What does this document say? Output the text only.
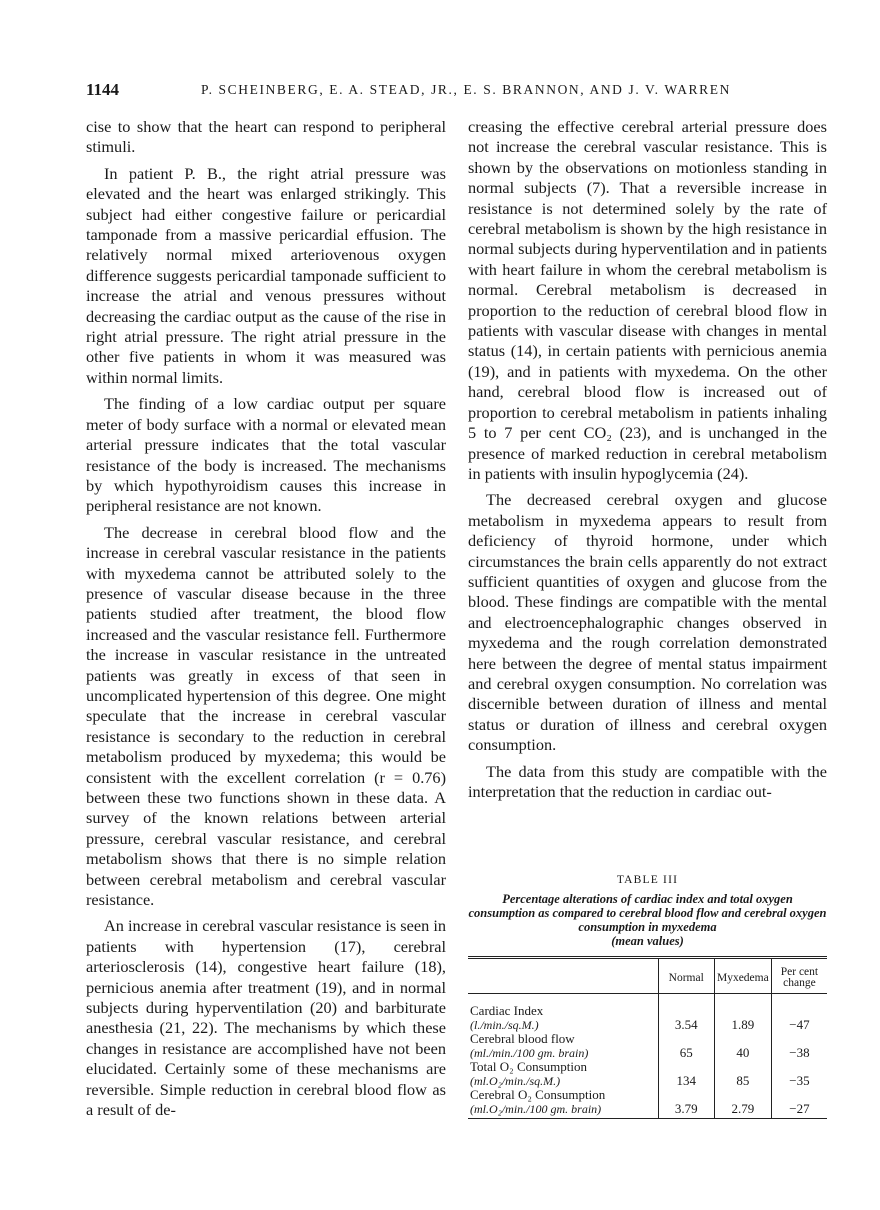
1144	P. SCHEINBERG, E. A. STEAD, JR., E. S. BRANNON, AND J. V. WARREN

cise to show that the heart can respond to peripheral stimuli.

In patient P. B., the right atrial pressure was elevated and the heart was enlarged strikingly. This subject had either congestive failure or pericardial tamponade from a massive pericardial effusion. The relatively normal mixed arteriovenous oxygen difference suggests pericardial tamponade sufficient to increase the atrial and venous pressures without decreasing the cardiac output as the cause of the rise in right atrial pressure. The right atrial pressure in the other five patients in whom it was measured was within normal limits.

The finding of a low cardiac output per square meter of body surface with a normal or elevated mean arterial pressure indicates that the total vascular resistance of the body is increased. The mechanisms by which hypothyroidism causes this increase in peripheral resistance are not known.

The decrease in cerebral blood flow and the increase in cerebral vascular resistance in the patients with myxedema cannot be attributed solely to the presence of vascular disease because in the three patients studied after treatment, the blood flow increased and the vascular resistance fell. Furthermore the increase in vascular resistance in the untreated patients was greatly in excess of that seen in uncomplicated hypertension of this degree. One might speculate that the increase in cerebral vascular resistance is secondary to the reduction in cerebral metabolism produced by myxedema; this would be consistent with the excellent correlation (r = 0.76) between these two functions shown in these data. A survey of the known relations between arterial pressure, cerebral vascular resistance, and cerebral metabolism shows that there is no simple relation between cerebral metabolism and cerebral vascular resistance.

An increase in cerebral vascular resistance is seen in patients with hypertension (17), cerebral arteriosclerosis (14), congestive heart failure (18), pernicious anemia after treatment (19), and in normal subjects during hyperventilation (20) and barbiturate anesthesia (21, 22). The mechanisms by which these changes in resistance are accomplished have not been elucidated. Certainly some of these mechanisms are reversible. Simple reduction in cerebral blood flow as a result of de-

creasing the effective cerebral arterial pressure does not increase the cerebral vascular resistance. This is shown by the observations on motionless standing in normal subjects (7). That a reversible increase in resistance is not determined solely by the rate of cerebral metabolism is shown by the high resistance in normal subjects during hyperventilation and in patients with heart failure in whom the cerebral metabolism is normal. Cerebral metabolism is decreased in proportion to the reduction of cerebral blood flow in patients with vascular disease with changes in mental status (14), in certain patients with pernicious anemia (19), and in patients with myxedema. On the other hand, cerebral blood flow is increased out of proportion to cerebral metabolism in patients inhaling 5 to 7 per cent CO₂ (23), and is unchanged in the presence of marked reduction in cerebral metabolism in patients with insulin hypoglycemia (24).

The decreased cerebral oxygen and glucose metabolism in myxedema appears to result from deficiency of thyroid hormone, under which circumstances the brain cells apparently do not extract sufficient quantities of oxygen and glucose from the blood. These findings are compatible with the mental and electroencephalographic changes observed in myxedema and the rough correlation demonstrated here between the degree of mental status impairment and cerebral oxygen consumption. No correlation was discernible between duration of illness and mental status or duration of illness and cerebral oxygen consumption.

The data from this study are compatible with the interpretation that the reduction in cardiac out-

TABLE III
Percentage alterations of cardiac index and total oxygen consumption as compared to cerebral blood flow and cerebral oxygen consumption in myxedema
(mean values)
	Normal	Myxedema	Per cent change
Cardiac Index
(l./min./sq.M.)	3.54	1.89	−47
Cerebral blood flow
(ml./min./100 gm. brain)	65	40	−38
Total O₂ Consumption
(ml.O₂/min./sq.M.)	134	85	−35
Cerebral O₂ Consumption
(ml.O₂/min./100 gm. brain)	3.79	2.79	−27
